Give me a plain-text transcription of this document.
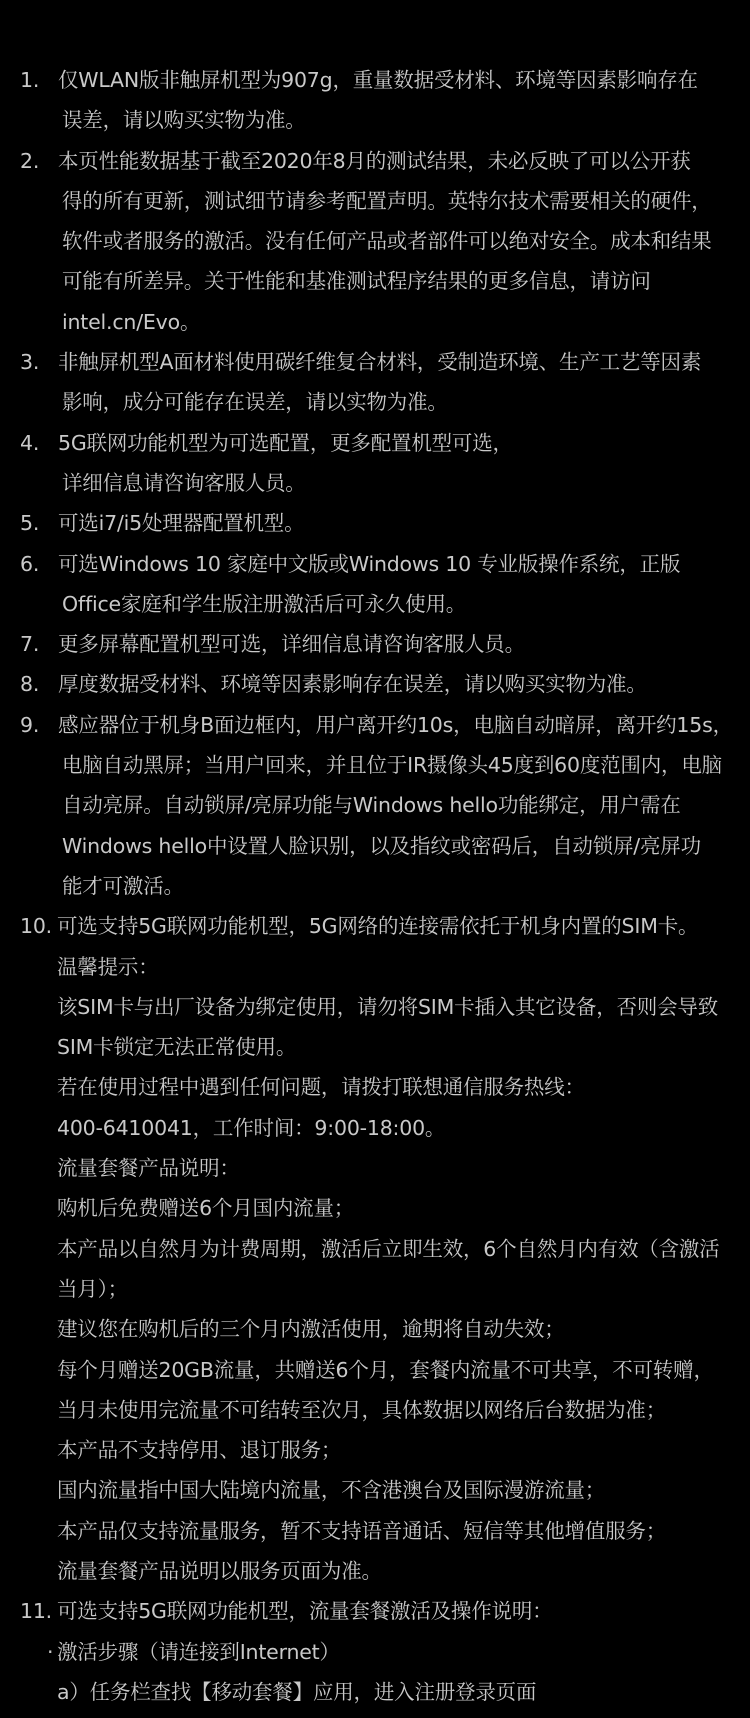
1. 仅WLAN版非触屏机型为907g，重量数据受材料、环境等因素影响存在
误差，请以购买实物为准。
2. 本页性能数据基于截至2020年8月的测试结果，未必反映了可以公开获
得的所有更新，测试细节请参考配置声明。英特尔技术需要相关的硬件，
软件或者服务的激活。没有任何产品或者部件可以绝对安全。成本和结果
可能有所差异。关于性能和基准测试程序结果的更多信息，请访问
intel.cn/Evo。
3. 非触屏机型A面材料使用碳纤维复合材料，受制造环境、生产工艺等因素
影响，成分可能存在误差，请以实物为准。
4. 5G联网功能机型为可选配置，更多配置机型可选，
详细信息请咨询客服人员。
5. 可选i7/i5处理器配置机型。
6. 可选Windows 10 家庭中文版或Windows 10 专业版操作系统，正版
Office家庭和学生版注册激活后可永久使用。
7. 更多屏幕配置机型可选，详细信息请咨询客服人员。
8. 厚度数据受材料、环境等因素影响存在误差，请以购买实物为准。
9. 感应器位于机身B面边框内，用户离开约10s，电脑自动暗屏，离开约15s，
电脑自动黑屏；当用户回来，并且位于IR摄像头45度到60度范围内，电脑
自动亮屏。自动锁屏/亮屏功能与Windows hello功能绑定，用户需在
Windows hello中设置人脸识别，以及指纹或密码后，自动锁屏/亮屏功
能才可激活。
10. 可选支持5G联网功能机型，5G网络的连接需依托于机身内置的SIM卡。
温馨提示：
该SIM卡与出厂设备为绑定使用，请勿将SIM卡插入其它设备，否则会导致
SIM卡锁定无法正常使用。
若在使用过程中遇到任何问题，请拨打联想通信服务热线：
400-6410041，工作时间：9:00-18:00。
流量套餐产品说明：
购机后免费赠送6个月国内流量；
本产品以自然月为计费周期，激活后立即生效，6个自然月内有效（含激活
当月）；
建议您在购机后的三个月内激活使用，逾期将自动失效；
每个月赠送20GB流量，共赠送6个月，套餐内流量不可共享，不可转赠，
当月未使用完流量不可结转至次月，具体数据以网络后台数据为准；
本产品不支持停用、退订服务；
国内流量指中国大陆境内流量，不含港澳台及国际漫游流量；
本产品仅支持流量服务，暂不支持语音通话、短信等其他增值服务；
流量套餐产品说明以服务页面为准。
11. 可选支持5G联网功能机型，流量套餐激活及操作说明：
· 激活步骤（请连接到Internet）
a）任务栏查找【移动套餐】应用，进入注册登录页面
